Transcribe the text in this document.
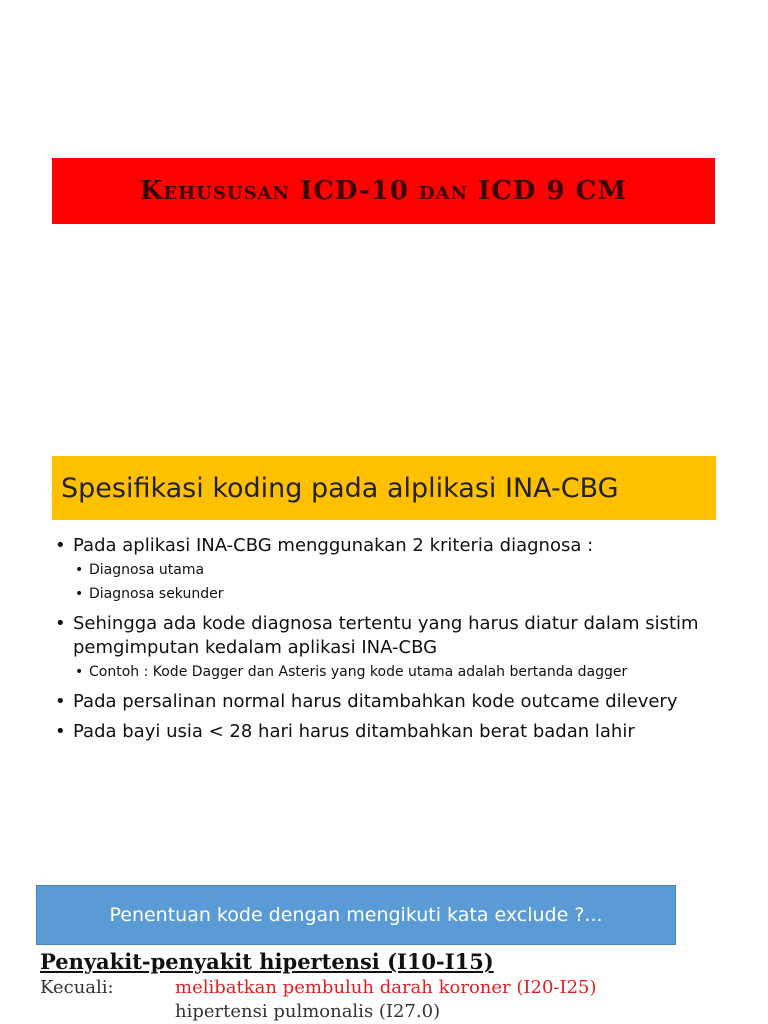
Kehususan ICD-10 dan ICD 9 CM
Spesifikasi koding pada alplikasi INA-CBG
• Pada aplikasi INA-CBG menggunakan 2 kriteria diagnosa :
• Diagnosa utama
• Diagnosa sekunder
• Sehingga ada kode diagnosa tertentu yang harus diatur dalam sistim pemgimputan kedalam aplikasi INA-CBG
• Contoh : Kode Dagger dan Asteris yang kode utama adalah bertanda dagger
• Pada persalinan normal harus ditambahkan kode outcame dilevery
• Pada bayi usia < 28 hari harus ditambahkan berat badan lahir
Penentuan kode dengan mengikuti kata exclude ?...
Penyakit-penyakit hipertensi (I10-I15)
Kecuali:	melibatkan pembuluh darah koroner (I20-I25)
hipertensi pulmonalis (I27.0)
